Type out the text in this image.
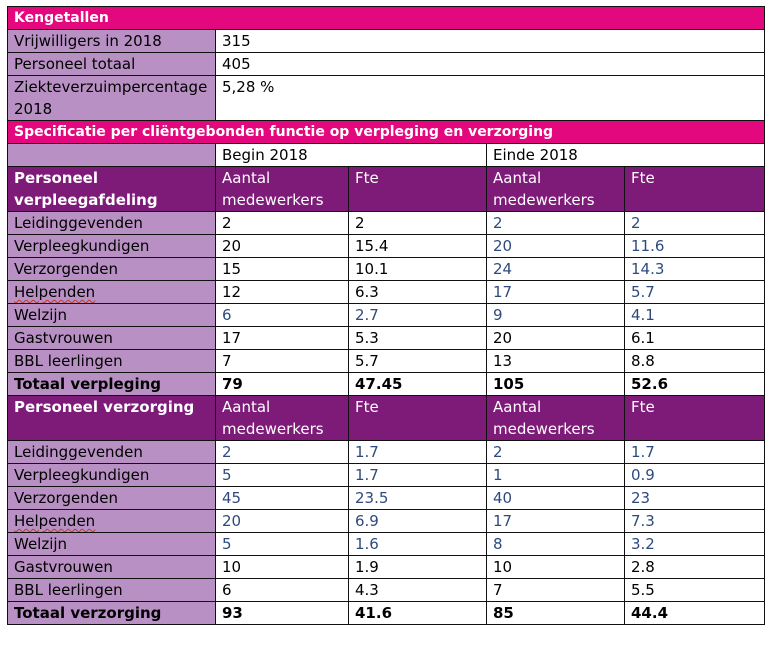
Kengetallen				
Vrijwilligers in 2018	315			
Personeel totaal	405			
Ziekteverzuimpercentage 2018	5,28 %			
Specificatie per cliëntgebonden functie op verpleging en verzorging				
	Begin 2018		Einde 2018	
Personeel verpleegafdeling	Aantal medewerkers	Fte	Aantal medewerkers	Fte
Leidinggevenden	2	2	2	2
Verpleegkundigen	20	15.4	20	11.6
Verzorgenden	15	10.1	24	14.3
Helpenden	12	6.3	17	5.7
Welzijn	6	2.7	9	4.1
Gastvrouwen	17	5.3	20	6.1
BBL leerlingen	7	5.7	13	8.8
Totaal verpleging	79	47.45	105	52.6
Personeel verzorging	Aantal medewerkers	Fte	Aantal medewerkers	Fte
Leidinggevenden	2	1.7	2	1.7
Verpleegkundigen	5	1.7	1	0.9
Verzorgenden	45	23.5	40	23
Helpenden	20	6.9	17	7.3
Welzijn	5	1.6	8	3.2
Gastvrouwen	10	1.9	10	2.8
BBL leerlingen	6	4.3	7	5.5
Totaal verzorging	93	41.6	85	44.4
